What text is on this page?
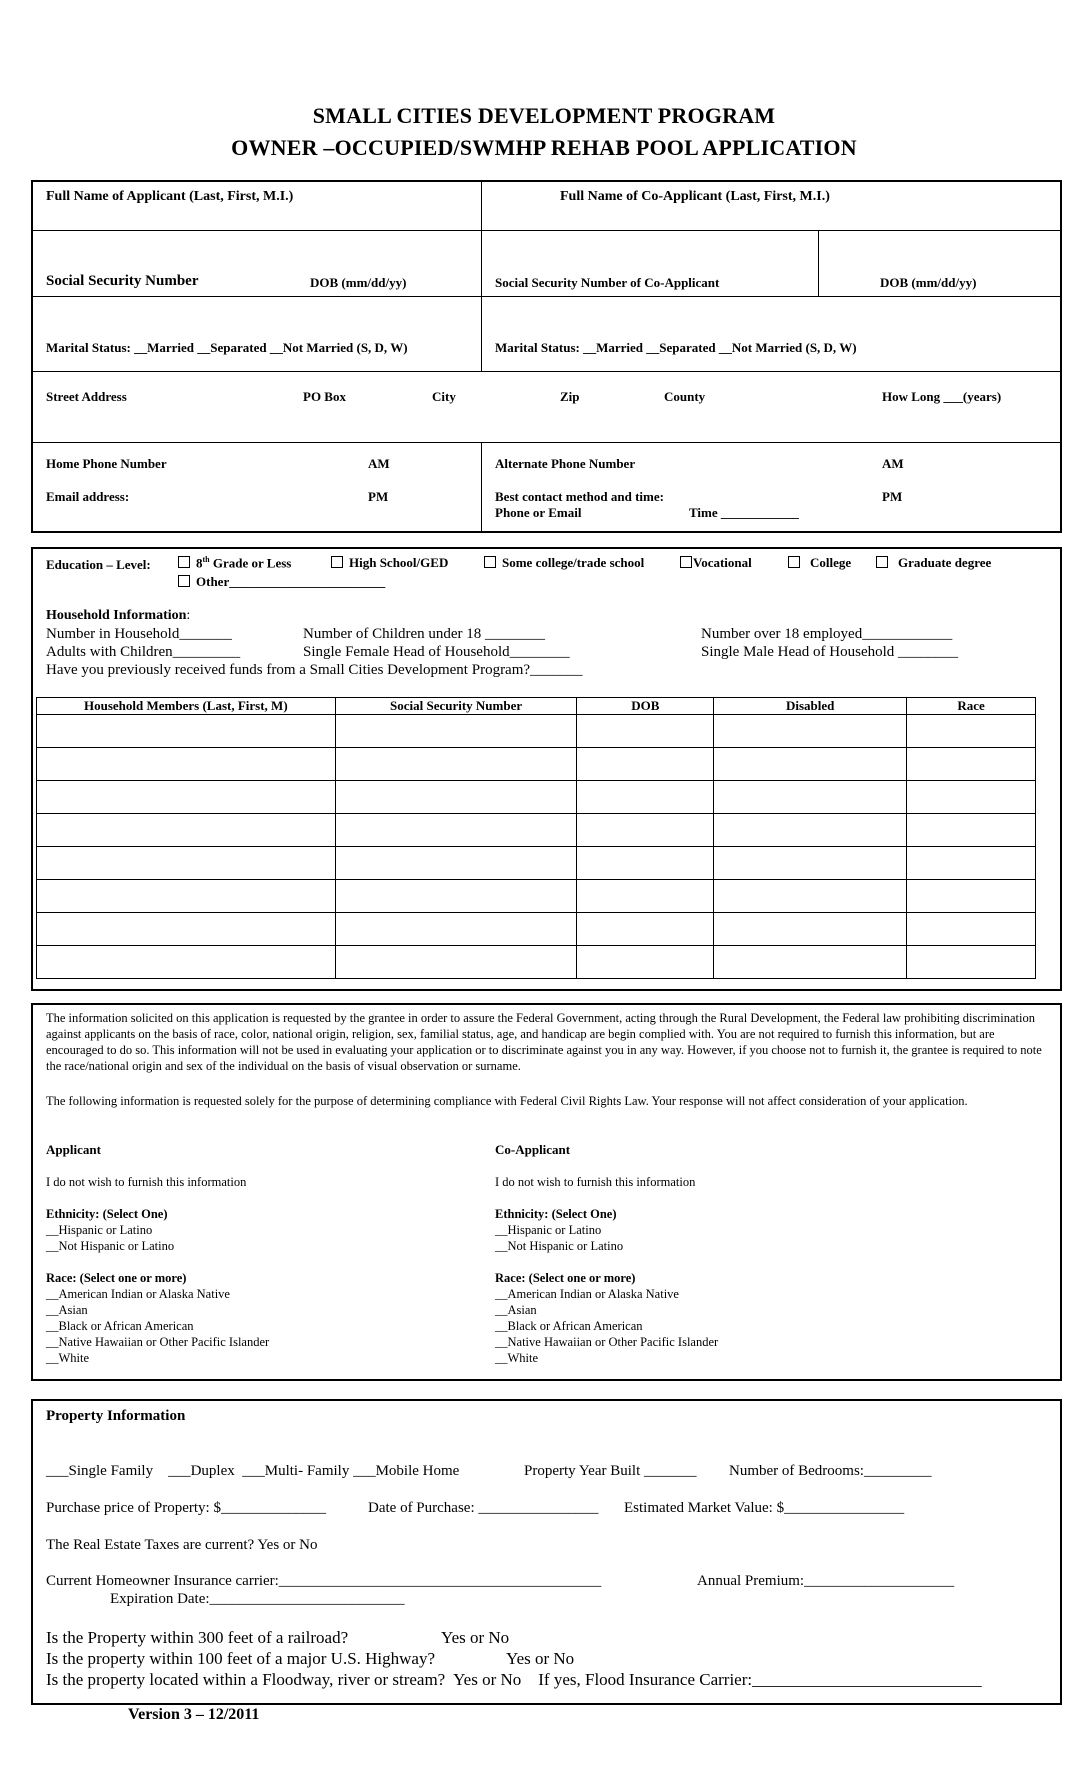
SMALL CITIES DEVELOPMENT PROGRAM
OWNER –OCCUPIED/SWMHP REHAB POOL APPLICATION
Full Name of Applicant (Last, First, M.I.)	Full Name of Co-Applicant (Last, First, M.I.)
Social Security Number	DOB (mm/dd/yy)	Social Security Number of Co-Applicant	DOB (mm/dd/yy)
Marital Status: __Married __Separated __Not Married (S, D, W)	Marital Status: __Married __Separated __Not Married (S, D, W)
Street Address	PO Box	City	Zip	County	How Long ___(years)
Home Phone Number	AM
Email address:	PM
Alternate Phone Number	AM
Best contact method and time:	PM
Phone or Email	Time ____________
Education – Level:	8th Grade or Less	High School/GED	Some college/trade school	Vocational	College	Graduate degree
Other________________________
Household Information:
Number in Household_______	Number of Children under 18 ________	Number over 18 employed____________
Adults with Children_________	Single Female Head of Household________	Single Male Head of Household ________
Have you previously received funds from a Small Cities Development Program?_______
Household Members (Last, First, M)	Social Security Number	DOB	Disabled	Race

The information solicited on this application is requested by the grantee in order to assure the Federal Government, acting through the Rural Development, the Federal law prohibiting discrimination against applicants on the basis of race, color, national origin, religion, sex, familial status, age, and handicap are begin complied with. You are not required to furnish this information, but are encouraged to do so. This information will not be used in evaluating your application or to discriminate against you in any way. However, if you choose not to furnish it, the grantee is required to note the race/national origin and sex of the individual on the basis of visual observation or surname.
The following information is requested solely for the purpose of determining compliance with Federal Civil Rights Law. Your response will not affect consideration of your application.
Applicant
I do not wish to furnish this information
Ethnicity: (Select One)
__Hispanic or Latino
__Not Hispanic or Latino
Race: (Select one or more)
__American Indian or Alaska Native
__Asian
__Black or African American
__Native Hawaiian or Other Pacific Islander
__White
Co-Applicant
I do not wish to furnish this information
Ethnicity: (Select One)
__Hispanic or Latino
__Not Hispanic or Latino
Race: (Select one or more)
__American Indian or Alaska Native
__Asian
__Black or African American
__Native Hawaiian or Other Pacific Islander
__White
Property Information
___Single Family    ___Duplex  ___Multi- Family ___Mobile Home	Property Year Built _______ Number of Bedrooms:_________
Purchase price of Property: $______________	Date of Purchase: ________________ Estimated Market Value: $________________
The Real Estate Taxes are current? Yes or No
Current Homeowner Insurance carrier:___________________________________________	Annual Premium:____________________
Expiration Date:__________________________
Is the Property within 300 feet of a railroad?	Yes or No
Is the property within 100 feet of a major U.S. Highway?	Yes or No
Is the property located within a Floodway, river or stream?  Yes or No    If yes, Flood Insurance Carrier:___________________________
Version 3 – 12/2011
